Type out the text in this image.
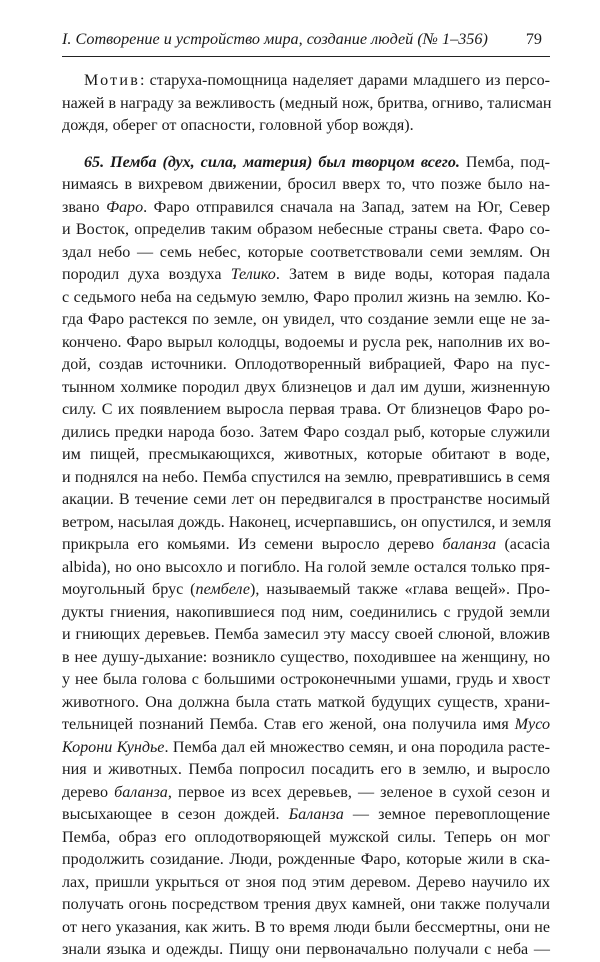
I. Сотворение и устройство мира, создание людей (№ 1–356) 79
Мотив: старуха-помощница наделяет дарами младшего из персо-
нажей в награду за вежливость (медный нож, бритва, огниво, талисман
дождя, оберег от опасности, головной убор вождя).
65. Пемба (дух, сила, материя) был творцом всего. Пемба, под-
нимаясь в вихревом движении, бросил вверх то, что позже было на-
звано Фаро. Фаро отправился сначала на Запад, затем на Юг, Север
и Восток, определив таким образом небесные страны света. Фаро со-
здал небо — семь небес, которые соответствовали семи землям. Он
породил духа воздуха Телико. Затем в виде воды, которая падала
с седьмого неба на седьмую землю, Фаро пролил жизнь на землю. Ко-
гда Фаро растекся по земле, он увидел, что создание земли еще не за-
кончено. Фаро вырыл колодцы, водоемы и русла рек, наполнив их во-
дой, создав источники. Оплодотворенный вибрацией, Фаро на пус-
тынном холмике породил двух близнецов и дал им души, жизненную
силу. С их появлением выросла первая трава. От близнецов Фаро ро-
дились предки народа бозо. Затем Фаро создал рыб, которые служили
им пищей, пресмыкающихся, животных, которые обитают в воде,
и поднялся на небо. Пемба спустился на землю, превратившись в семя
акации. В течение семи лет он передвигался в пространстве носимый
ветром, насылая дождь. Наконец, исчерпавшись, он опустился, и земля
прикрыла его комьями. Из семени выросло дерево баланза (acacia
albida), но оно высохло и погибло. На голой земле остался только пря-
моугольный брус (пембеле), называемый также «глава вещей». Про-
дукты гниения, накопившиеся под ним, соединились с грудой земли
и гниющих деревьев. Пемба замесил эту массу своей слюной, вложив
в нее душу-дыхание: возникло существо, походившее на женщину, но
у нее была голова с большими остроконечными ушами, грудь и хвост
животного. Она должна была стать маткой будущих существ, храни-
тельницей познаний Пемба. Став его женой, она получила имя Мусо
Корони Кундье. Пемба дал ей множество семян, и она породила расте-
ния и животных. Пемба попросил посадить его в землю, и выросло
дерево баланза, первое из всех деревьев, — зеленое в сухой сезон и
высыхающее в сезон дождей. Баланза — земное перевоплощение
Пемба, образ его оплодотворяющей мужской силы. Теперь он мог
продолжить созидание. Люди, рожденные Фаро, которые жили в скa-
лах, пришли укрыться от зноя под этим деревом. Дерево научило их
получать огонь посредством трения двух камней, они также получали
от него указания, как жить. В то время люди были бессмертны, они не
знали языка и одежды. Пищу они первоначально получали с неба —
